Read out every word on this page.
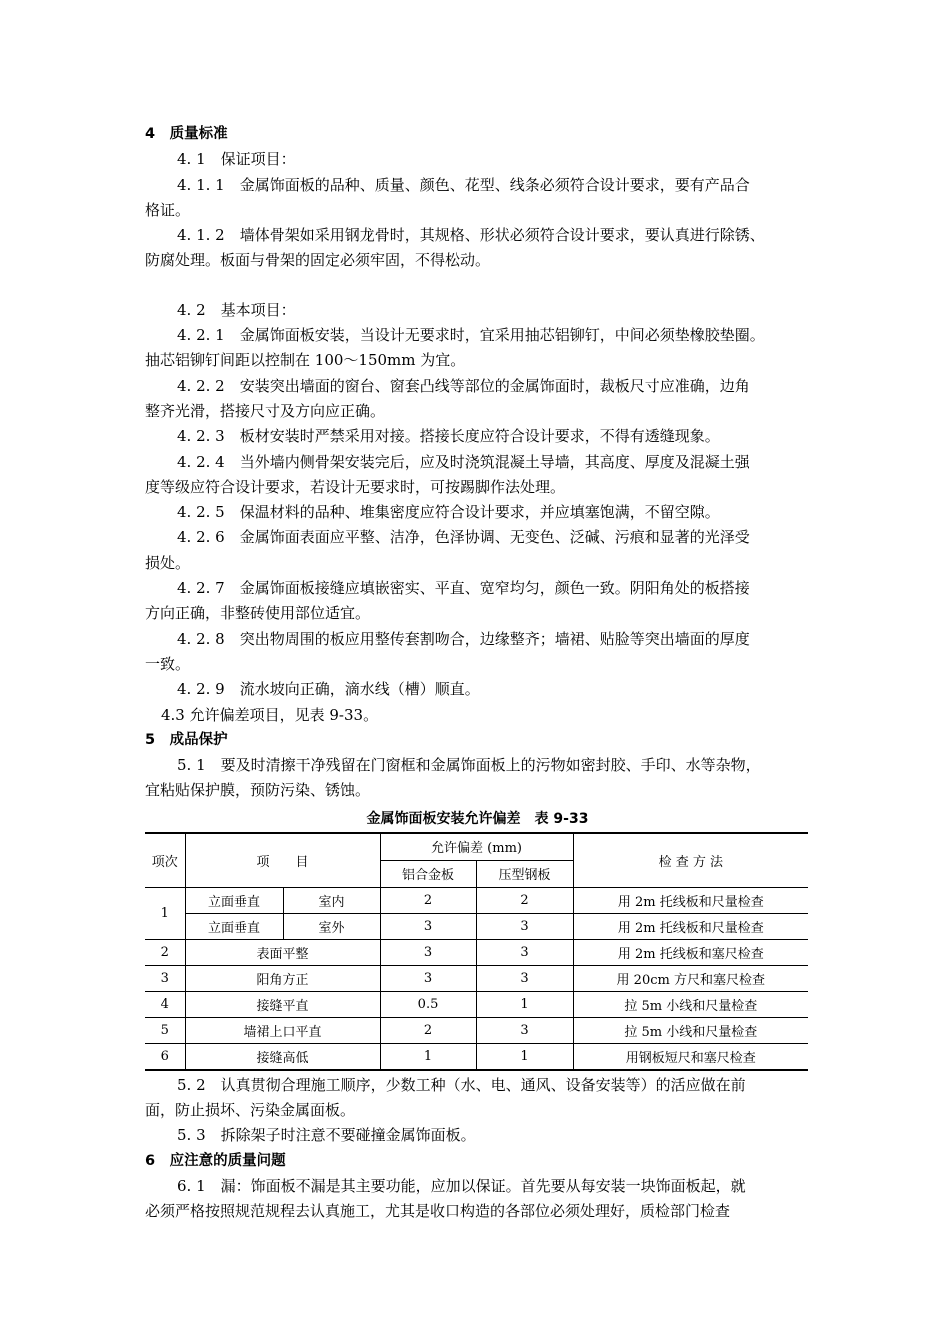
4　质量标准
4. 1　保证项目：
4. 1. 1　金属饰面板的品种、质量、颜色、花型、线条必须符合设计要求，要有产品合
格证。
4. 1. 2　墙体骨架如采用钢龙骨时，其规格、形状必须符合设计要求，要认真进行除锈、
防腐处理。板面与骨架的固定必须牢固，不得松动。
4. 2　基本项目：
4. 2. 1　金属饰面板安装，当设计无要求时，宜采用抽芯铝铆钉，中间必须垫橡胶垫圈。
抽芯铝铆钉间距以控制在 100～150mm 为宜。
4. 2. 2　安装突出墙面的窗台、窗套凸线等部位的金属饰面时，裁板尺寸应准确，边角
整齐光滑，搭接尺寸及方向应正确。
4. 2. 3　板材安装时严禁采用对接。搭接长度应符合设计要求，不得有透缝现象。
4. 2. 4　当外墙内侧骨架安装完后，应及时浇筑混凝土导墙，其高度、厚度及混凝土强
度等级应符合设计要求，若设计无要求时，可按踢脚作法处理。
4. 2. 5　保温材料的品种、堆集密度应符合设计要求，并应填塞饱满，不留空隙。
4. 2. 6　金属饰面表面应平整、洁净，色泽协调、无变色、泛碱、污痕和显著的光泽受
损处。
4. 2. 7　金属饰面板接缝应填嵌密实、平直、宽窄均匀，颜色一致。阴阳角处的板搭接
方向正确，非整砖使用部位适宜。
4. 2. 8　突出物周围的板应用整传套割吻合，边缘整齐；墙裙、贴脸等突出墙面的厚度
一致。
4. 2. 9　流水坡向正确，滴水线（槽）顺直。
4.3 允许偏差项目，见表 9-33。
5　成品保护
5. 1　要及时清擦干净残留在门窗框和金属饰面板上的污物如密封胶、手印、水等杂物，
宜粘贴保护膜，预防污染、锈蚀。
金属饰面板安装允许偏差　表 9-33
项次	项　　目		允许偏差 (mm)		检 查 方 法
			铝合金板	压型钢板	
1	立面垂直	室内	2	2	用 2m 托线板和尺量检查
	立面垂直	室外	3	3	用 2m 托线板和尺量检查
2	表面平整		3	3	用 2m 托线板和塞尺检查
3	阳角方正		3	3	用 20cm 方尺和塞尺检查
4	接缝平直		0.5	1	拉 5m 小线和尺量检查
5	墙裙上口平直		2	3	拉 5m 小线和尺量检查
6	接缝高低		1	1	用钢板短尺和塞尺检查
5. 2　认真贯彻合理施工顺序，少数工种（水、电、通风、设备安装等）的活应做在前
面，防止损坏、污染金属面板。
5. 3　拆除架子时注意不要碰撞金属饰面板。
6　应注意的质量问题
6. 1　漏：饰面板不漏是其主要功能，应加以保证。首先要从每安装一块饰面板起，就
必须严格按照规范规程去认真施工，尤其是收口构造的各部位必须处理好，质检部门检查
